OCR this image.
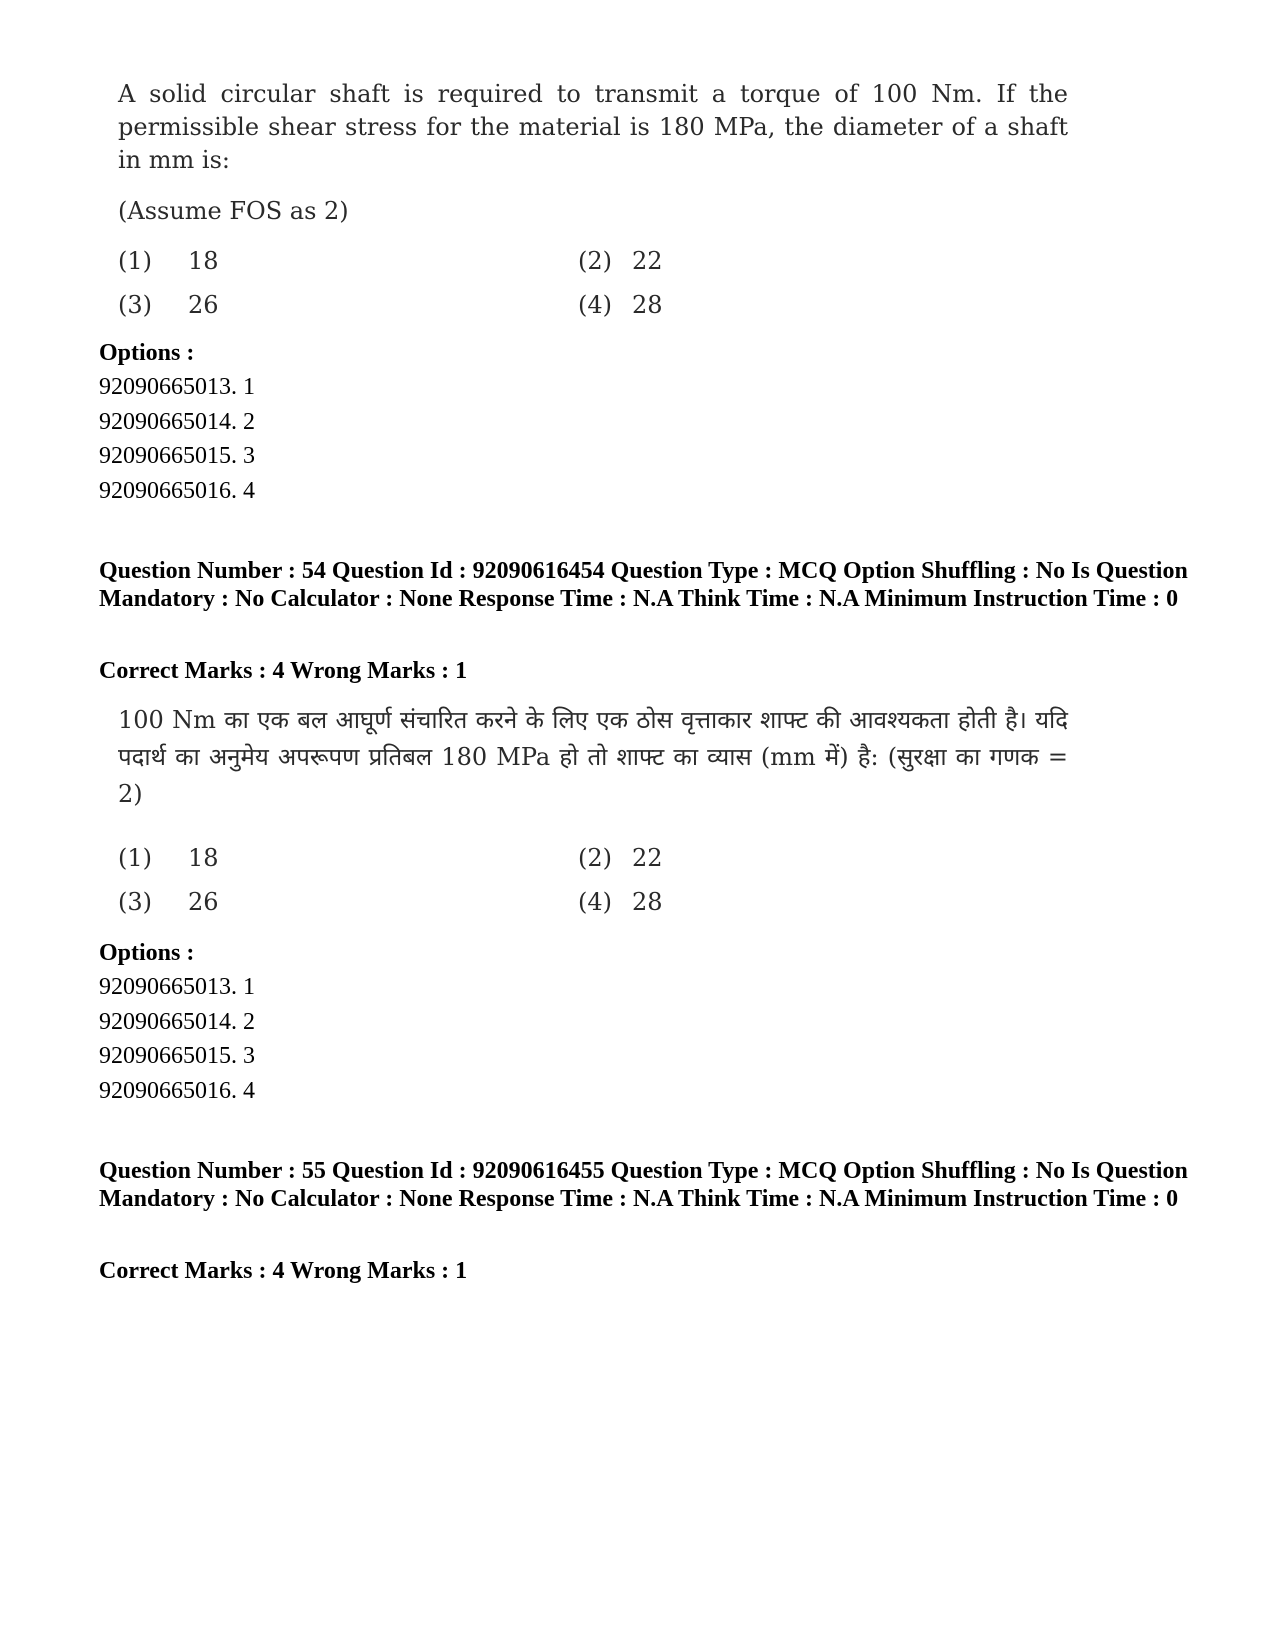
A solid circular shaft is required to transmit a torque of 100 Nm. If the permissible shear stress for the material is 180 MPa, the diameter of a shaft in mm is:

(Assume FOS as 2)
(1) 18	(2) 22
(3) 26	(4) 28
Options :
92090665013. 1
92090665014. 2
92090665015. 3
92090665016. 4
Question Number : 54 Question Id : 92090616454 Question Type : MCQ Option Shuffling : No Is Question Mandatory : No Calculator : None Response Time : N.A Think Time : N.A Minimum Instruction Time : 0
Correct Marks : 4 Wrong Marks : 1

100 Nm का एक बल आघूर्ण संचारित करने के लिए एक ठोस वृत्ताकार शाफ्ट की आवश्यकता होती है। यदि पदार्थ का अनुमेय अपरूपण प्रतिबल 180 MPa हो तो शाफ्ट का व्यास (mm में) है: (सुरक्षा का गणक = 2)

(1) 18	(2) 22
(3) 26	(4) 28
Options :
92090665013. 1
92090665014. 2
92090665015. 3
92090665016. 4
Question Number : 55 Question Id : 92090616455 Question Type : MCQ Option Shuffling : No Is Question Mandatory : No Calculator : None Response Time : N.A Think Time : N.A Minimum Instruction Time : 0
Correct Marks : 4 Wrong Marks : 1
